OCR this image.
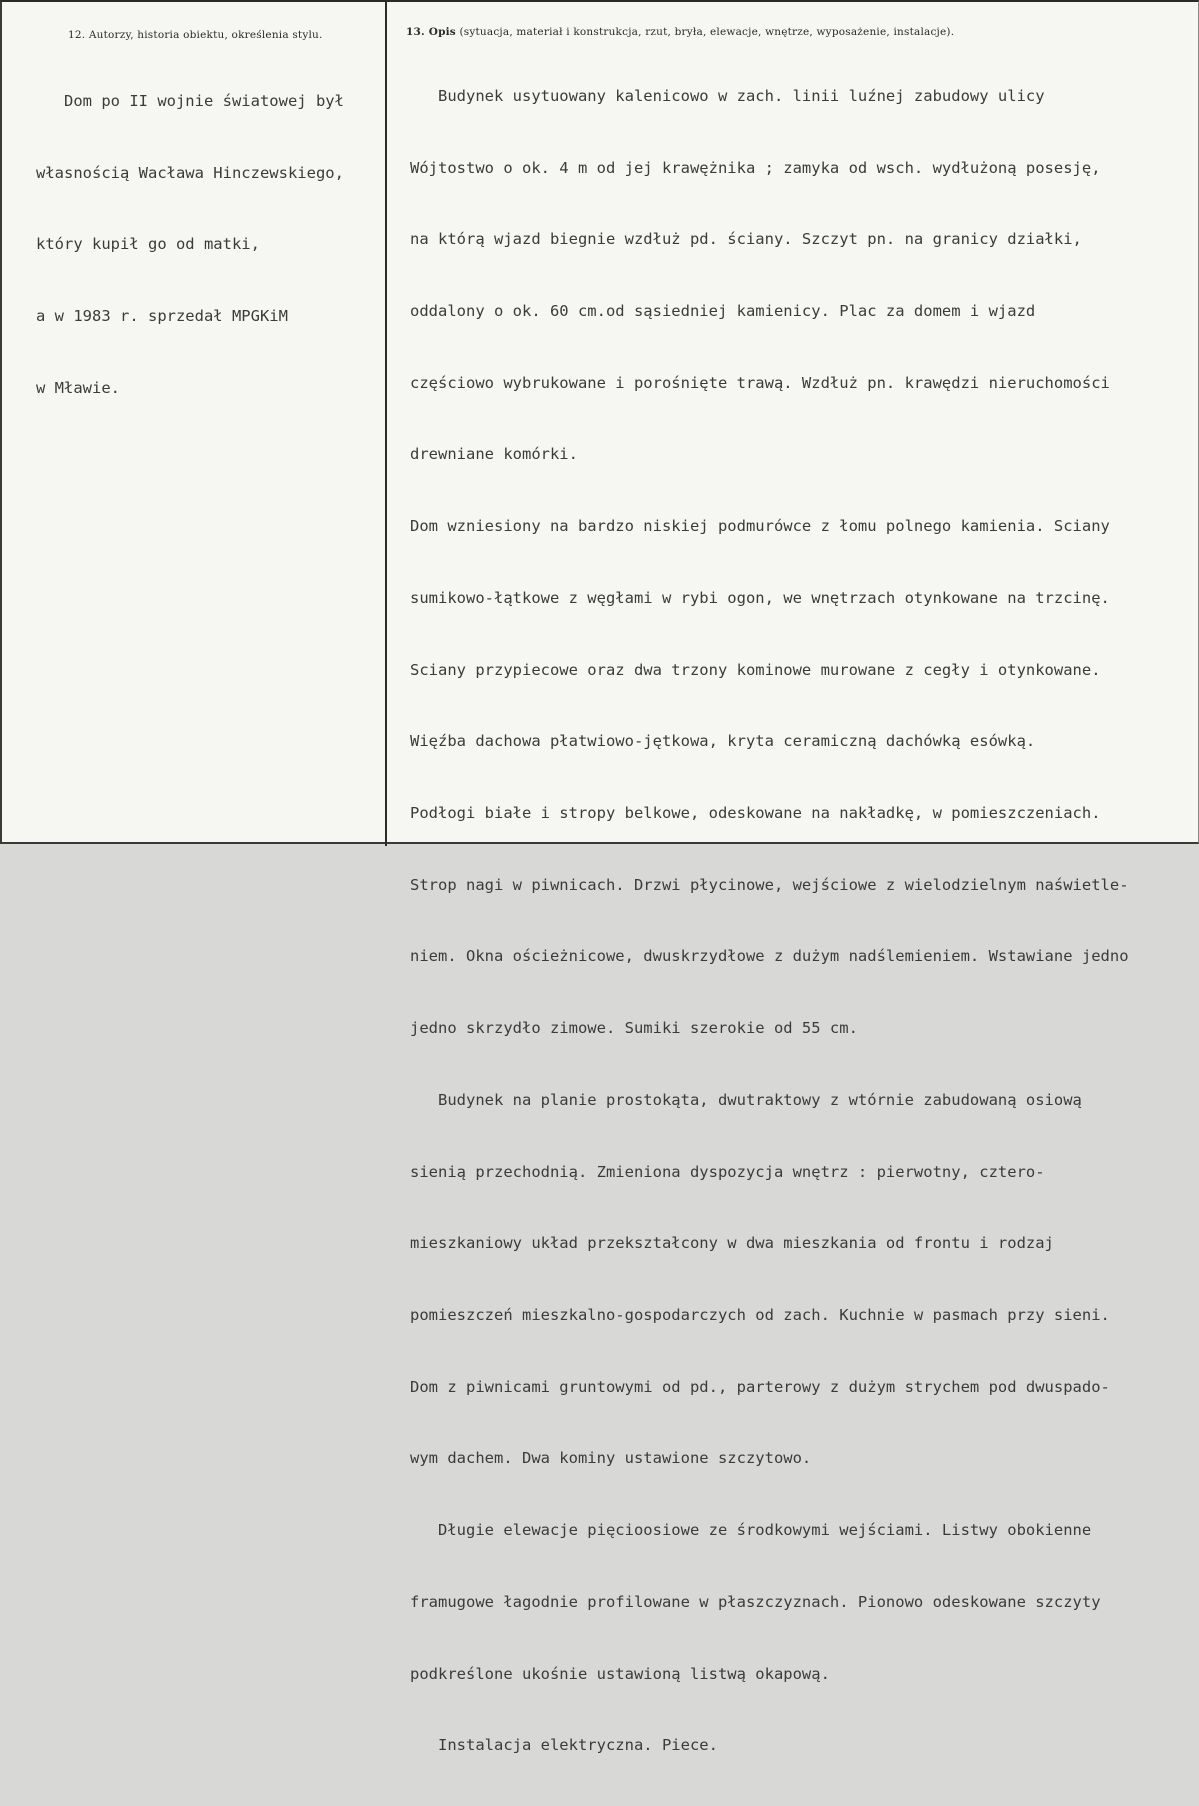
12. Autorzy, historia obiektu, określenia stylu.	13. Opis (sytuacja, materiał i konstrukcja, rzut, bryła, elewacje, wnętrze, wyposażenie, instalacje).

Dom po II wojnie światowej był

własnością Wacława Hinczewskiego,

który kupił go od matki,

a w 1983 r. sprzedał MPGKiM

w Mławie.

Budynek usytuowany kalenicowo w zach. linii luźnej zabudowy ulicy

Wójtostwo o ok. 4 m od jej krawężnika ; zamyka od wsch. wydłużoną posesję,

na którą wjazd biegnie wzdłuż pd. ściany. Szczyt pn. na granicy działki,

oddalony o ok. 60 cm.od sąsiedniej kamienicy. Plac za domem i wjazd

częściowo wybrukowane i porośnięte trawą. Wzdłuż pn. krawędzi nieruchomości

drewniane komórki.

Dom wzniesiony na bardzo niskiej podmurówce z łomu polnego kamienia. Sciany

sumikowo-łątkowe z węgłami w rybi ogon, we wnętrzach otynkowane na trzcinę.

Sciany przypiecowe oraz dwa trzony kominowe murowane z cegły i otynkowane.

Więźba dachowa płatwiowo-jętkowa, kryta ceramiczną dachówką esówką.

Podłogi białe i stropy belkowe, odeskowane na nakładkę, w pomieszczeniach.

Strop nagi w piwnicach. Drzwi płycinowe, wejściowe z wielodzielnym naświetle-

niem. Okna ościeżnicowe, dwuskrzydłowe z dużym nadślemieniem. Wstawiane jedno

jedno skrzydło zimowe. Sumiki szerokie od 55 cm.

Budynek na planie prostokąta, dwutraktowy z wtórnie zabudowaną osiową

sienią przechodnią. Zmieniona dyspozycja wnętrz : pierwotny, cztero-

mieszkaniowy układ przekształcony w dwa mieszkania od frontu i rodzaj

pomieszczeń mieszkalno-gospodarczych od zach. Kuchnie w pasmach przy sieni.

Dom z piwnicami gruntowymi od pd., parterowy z dużym strychem pod dwuspado-

wym dachem. Dwa kominy ustawione szczytowo.

Długie elewacje pięcioosiowe ze środkowymi wejściami. Listwy obokienne

framugowe łagodnie profilowane w płaszczyznach. Pionowo odeskowane szczyty

podkreślone ukośnie ustawioną listwą okapową.

Instalacja elektryczna. Piece.
